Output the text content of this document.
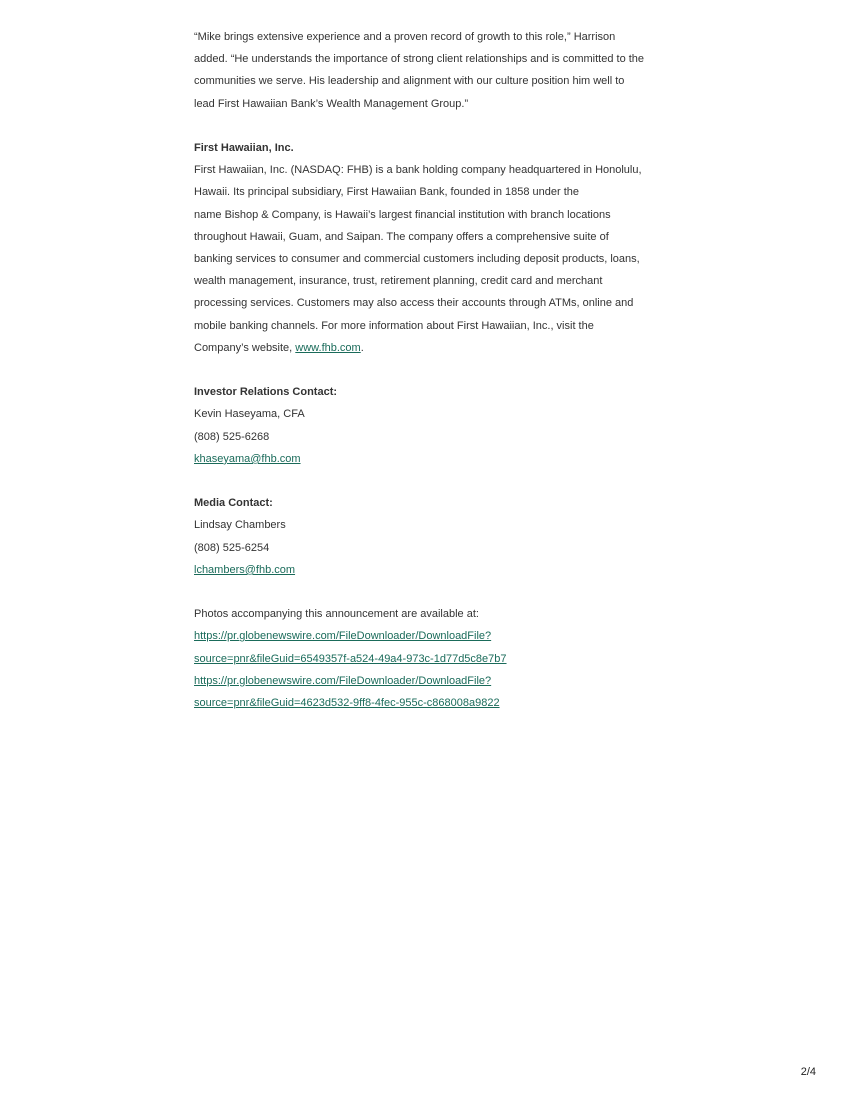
“Mike brings extensive experience and a proven record of growth to this role,” Harrison
added. “He understands the importance of strong client relationships and is committed to the
communities we serve. His leadership and alignment with our culture position him well to
lead First Hawaiian Bank’s Wealth Management Group.”

First Hawaiian, Inc.
First Hawaiian, Inc. (NASDAQ: FHB) is a bank holding company headquartered in Honolulu,
Hawaii. Its principal subsidiary, First Hawaiian Bank, founded in 1858 under the
name Bishop & Company, is Hawaii’s largest financial institution with branch locations
throughout Hawaii, Guam, and Saipan. The company offers a comprehensive suite of
banking services to consumer and commercial customers including deposit products, loans,
wealth management, insurance, trust, retirement planning, credit card and merchant
processing services. Customers may also access their accounts through ATMs, online and
mobile banking channels. For more information about First Hawaiian, Inc., visit the
Company’s website, www.fhb.com.
Investor Relations Contact:
Kevin Haseyama, CFA
(808) 525-6268
khaseyama@fhb.com
Media Contact:
Lindsay Chambers
(808) 525-6254
lchambers@fhb.com
Photos accompanying this announcement are available at:
https://pr.globenewswire.com/FileDownloader/DownloadFile?
source=pnr&fileGuid=6549357f-a524-49a4-973c-1d77d5c8e7b7
https://pr.globenewswire.com/FileDownloader/DownloadFile?
source=pnr&fileGuid=4623d532-9ff8-4fec-955c-c868008a9822
2/4
